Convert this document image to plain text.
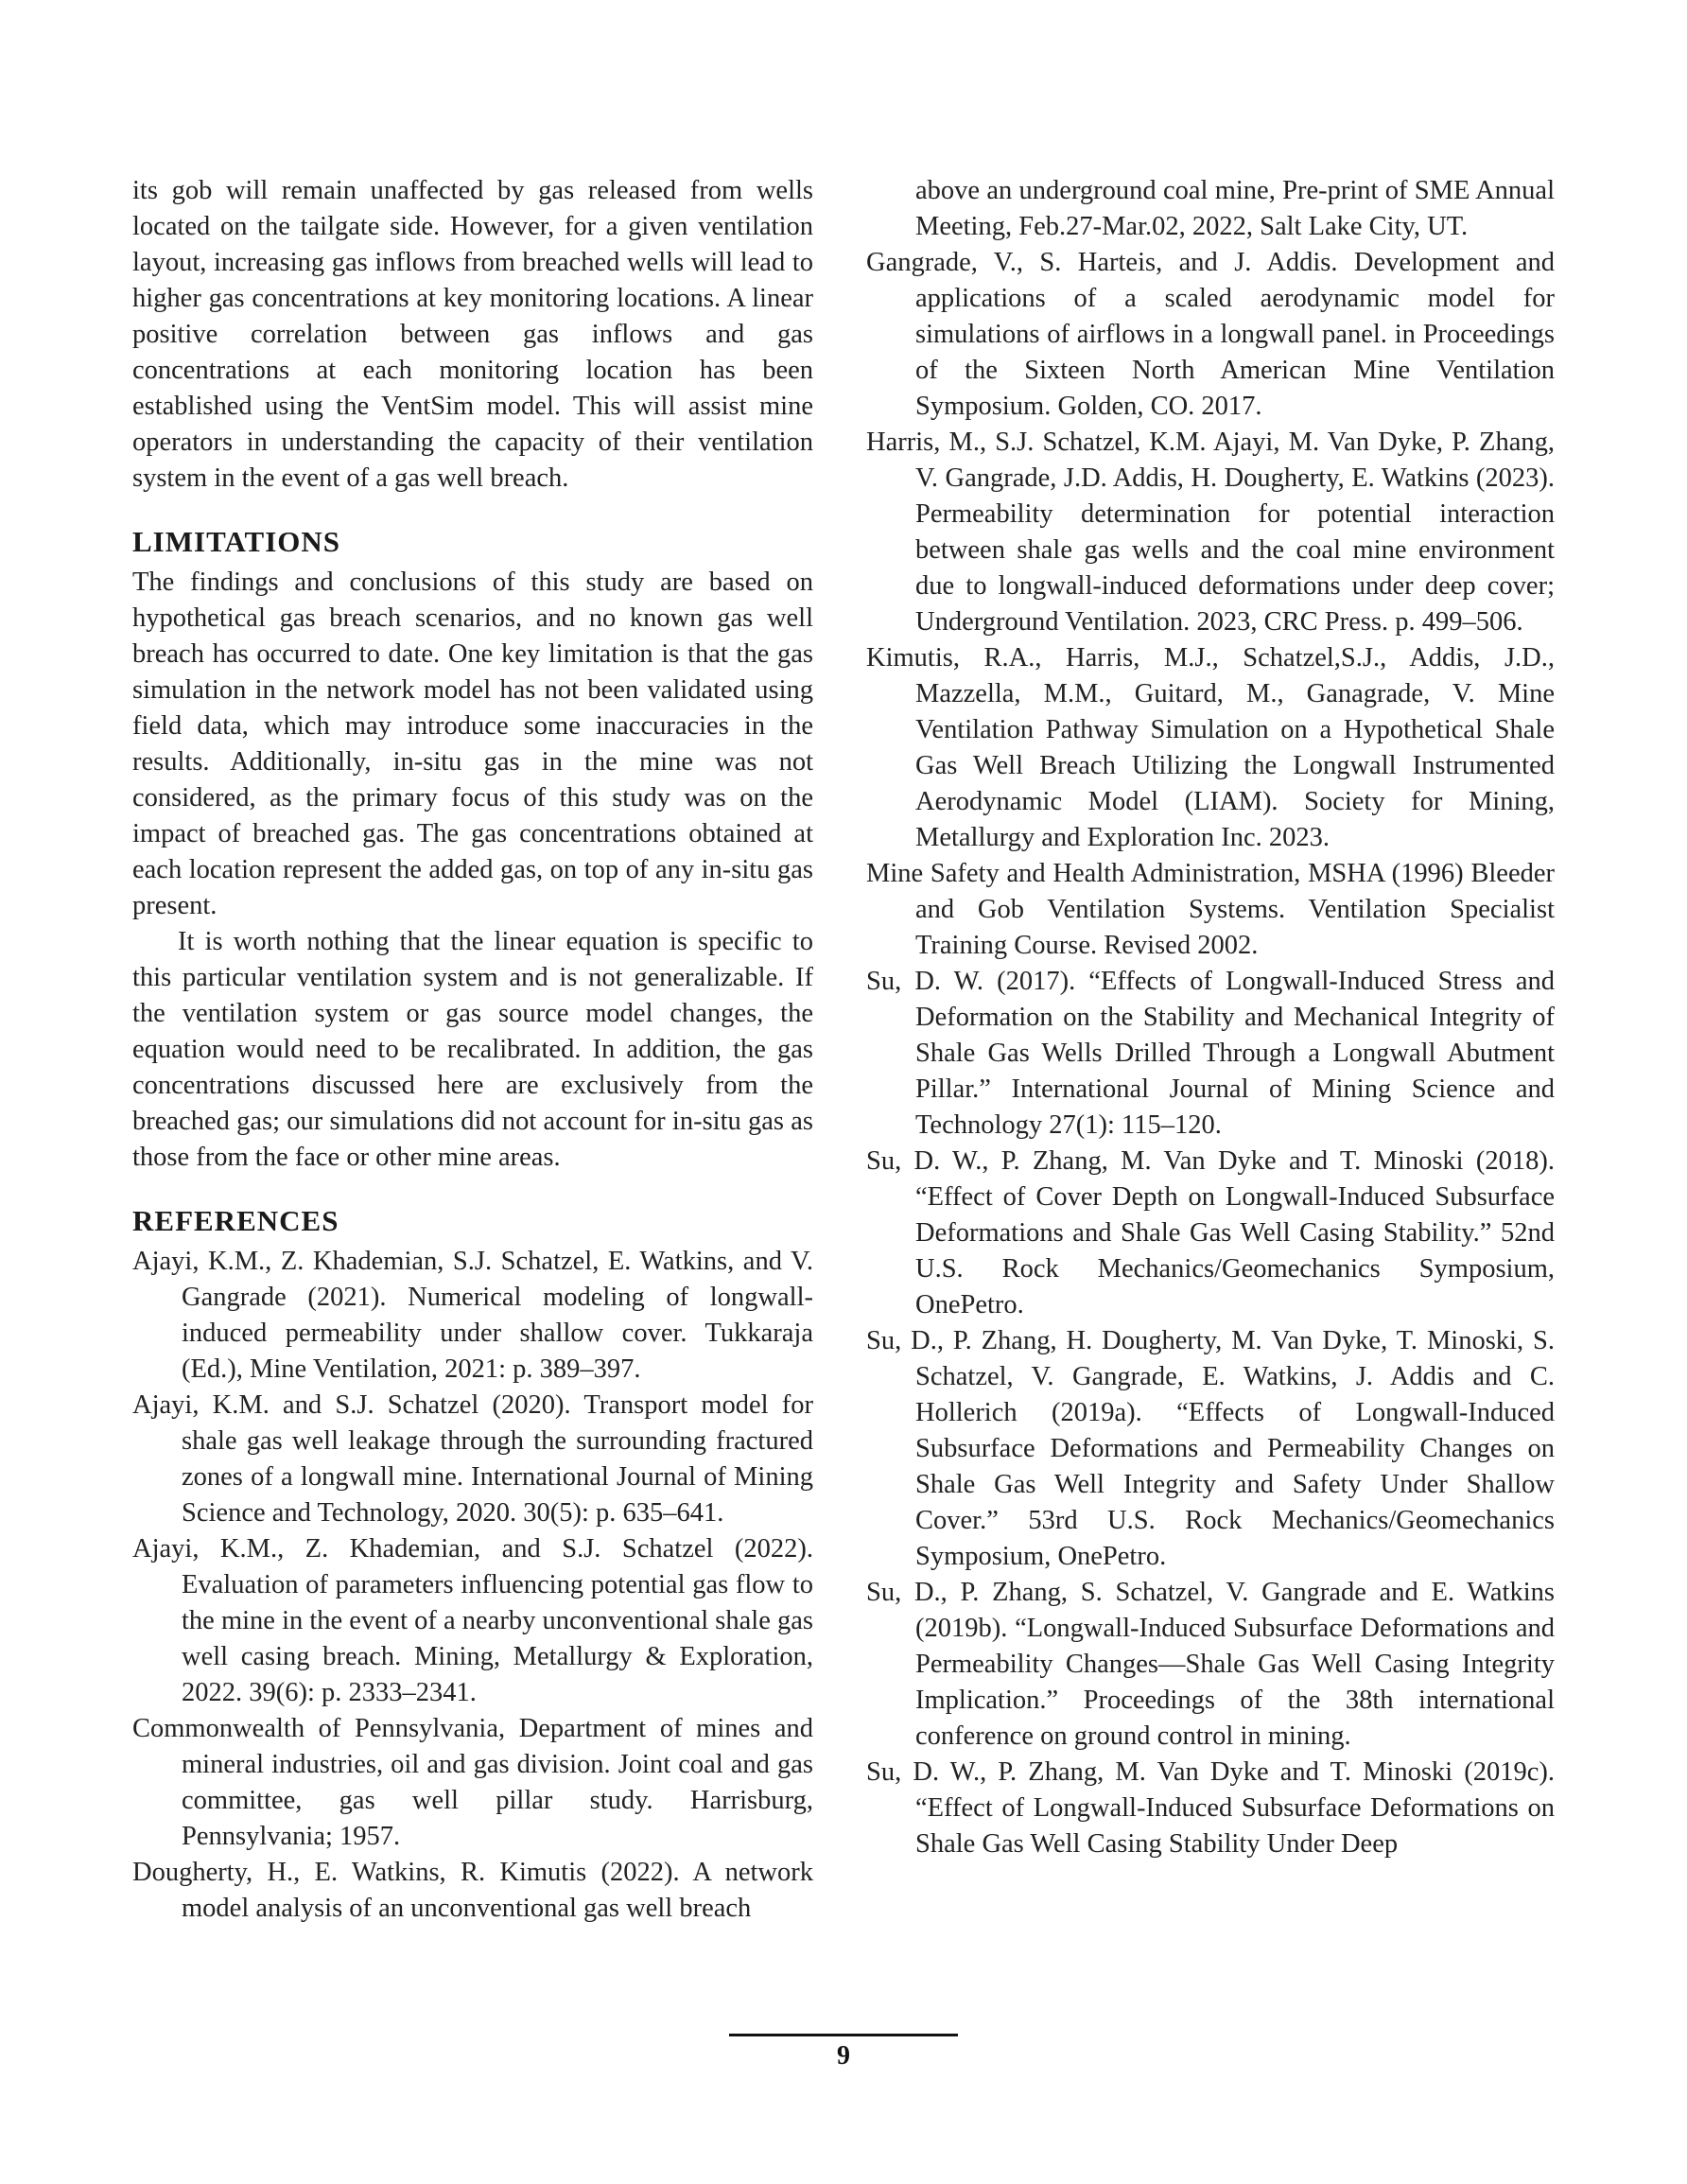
its gob will remain unaffected by gas released from wells located on the tailgate side. However, for a given ventilation layout, increasing gas inflows from breached wells will lead to higher gas concentrations at key monitoring locations. A linear positive correlation between gas inflows and gas concentrations at each monitoring location has been established using the VentSim model. This will assist mine operators in understanding the capacity of their ventilation system in the event of a gas well breach.

LIMITATIONS

The findings and conclusions of this study are based on hypothetical gas breach scenarios, and no known gas well breach has occurred to date. One key limitation is that the gas simulation in the network model has not been validated using field data, which may introduce some inaccuracies in the results. Additionally, in-situ gas in the mine was not considered, as the primary focus of this study was on the impact of breached gas. The gas concentrations obtained at each location represent the added gas, on top of any in-situ gas present.

It is worth nothing that the linear equation is specific to this particular ventilation system and is not generalizable. If the ventilation system or gas source model changes, the equation would need to be recalibrated. In addition, the gas concentrations discussed here are exclusively from the breached gas; our simulations did not account for in-situ gas as those from the face or other mine areas.

REFERENCES

Ajayi, K.M., Z. Khademian, S.J. Schatzel, E. Watkins, and V. Gangrade (2021). Numerical modeling of longwall-induced permeability under shallow cover. Tukkaraja (Ed.), Mine Ventilation, 2021: p. 389–397.

Ajayi, K.M. and S.J. Schatzel (2020). Transport model for shale gas well leakage through the surrounding fractured zones of a longwall mine. International Journal of Mining Science and Technology, 2020. 30(5): p. 635–641.

Ajayi, K.M., Z. Khademian, and S.J. Schatzel (2022). Evaluation of parameters influencing potential gas flow to the mine in the event of a nearby unconventional shale gas well casing breach. Mining, Metallurgy & Exploration, 2022. 39(6): p. 2333–2341.

Commonwealth of Pennsylvania, Department of mines and mineral industries, oil and gas division. Joint coal and gas committee, gas well pillar study. Harrisburg, Pennsylvania; 1957.

Dougherty, H., E. Watkins, R. Kimutis (2022). A network model analysis of an unconventional gas well breach

above an underground coal mine, Pre-print of SME Annual Meeting, Feb.27-Mar.02, 2022, Salt Lake City, UT.

Gangrade, V., S. Harteis, and J. Addis. Development and applications of a scaled aerodynamic model for simulations of airflows in a longwall panel. in Proceedings of the Sixteen North American Mine Ventilation Symposium. Golden, CO. 2017.

Harris, M., S.J. Schatzel, K.M. Ajayi, M. Van Dyke, P. Zhang, V. Gangrade, J.D. Addis, H. Dougherty, E. Watkins (2023). Permeability determination for potential interaction between shale gas wells and the coal mine environment due to longwall-induced deformations under deep cover; Underground Ventilation. 2023, CRC Press. p. 499–506.

Kimutis, R.A., Harris, M.J., Schatzel,S.J., Addis, J.D., Mazzella, M.M., Guitard, M., Ganagrade, V. Mine Ventilation Pathway Simulation on a Hypothetical Shale Gas Well Breach Utilizing the Longwall Instrumented Aerodynamic Model (LIAM). Society for Mining, Metallurgy and Exploration Inc. 2023.

Mine Safety and Health Administration, MSHA (1996) Bleeder and Gob Ventilation Systems. Ventilation Specialist Training Course. Revised 2002.

Su, D. W. (2017). “Effects of Longwall-Induced Stress and Deformation on the Stability and Mechanical Integrity of Shale Gas Wells Drilled Through a Longwall Abutment Pillar.” International Journal of Mining Science and Technology 27(1): 115–120.

Su, D. W., P. Zhang, M. Van Dyke and T. Minoski (2018). “Effect of Cover Depth on Longwall-Induced Subsurface Deformations and Shale Gas Well Casing Stability.” 52nd U.S. Rock Mechanics/Geomechanics Symposium, OnePetro.

Su, D., P. Zhang, H. Dougherty, M. Van Dyke, T. Minoski, S. Schatzel, V. Gangrade, E. Watkins, J. Addis and C. Hollerich (2019a). “Effects of Longwall-Induced Subsurface Deformations and Permeability Changes on Shale Gas Well Integrity and Safety Under Shallow Cover.” 53rd U.S. Rock Mechanics/Geomechanics Symposium, OnePetro.

Su, D., P. Zhang, S. Schatzel, V. Gangrade and E. Watkins (2019b). “Longwall-Induced Subsurface Deformations and Permeability Changes—Shale Gas Well Casing Integrity Implication.” Proceedings of the 38th international conference on ground control in mining.

Su, D. W., P. Zhang, M. Van Dyke and T. Minoski (2019c). “Effect of Longwall-Induced Subsurface Deformations on Shale Gas Well Casing Stability Under Deep

9
